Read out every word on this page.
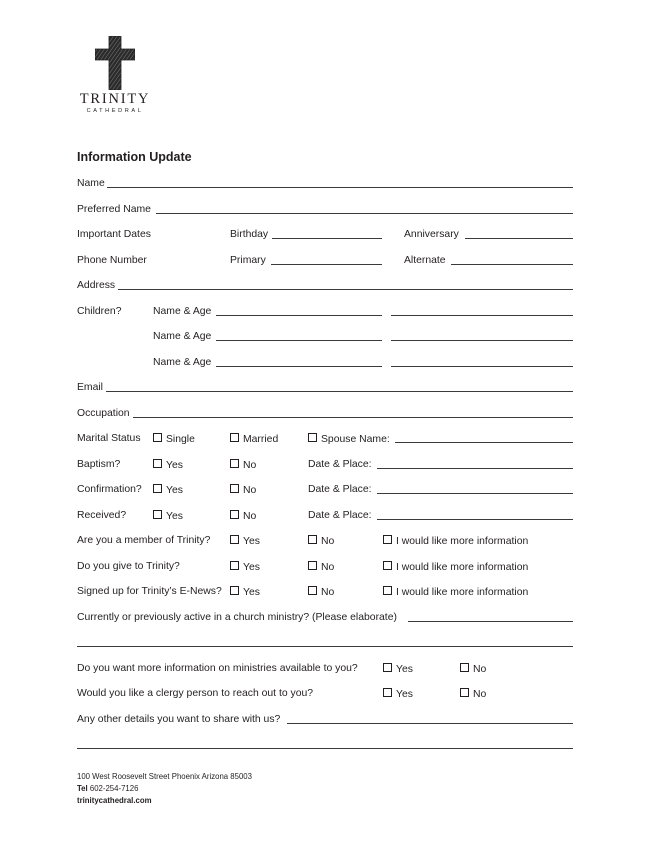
TRINITY
CATHEDRAL
Information Update
Name
Preferred Name
Important Dates	Birthday	Anniversary
Phone Number	Primary	Alternate
Address
Children?	Name & Age
Name & Age
Name & Age
Email
Occupation
Marital Status	Single	Married	Spouse Name:
Baptism?	Yes	No	Date & Place:
Confirmation?	Yes	No	Date & Place:
Received?	Yes	No	Date & Place:
Are you a member of Trinity?	Yes	No	I would like more information
Do you give to Trinity?	Yes	No	I would like more information
Signed up for Trinity’s E-News?	Yes	No	I would like more information
Currently or previously active in a church ministry? (Please elaborate)
Do you want more information on ministries available to you?	Yes	No
Would you like a clergy person to reach out to you?	Yes	No
Any other details you want to share with us?
100 West Roosevelt Street Phoenix Arizona 85003
Tel 602-254-7126
trinitycathedral.com
